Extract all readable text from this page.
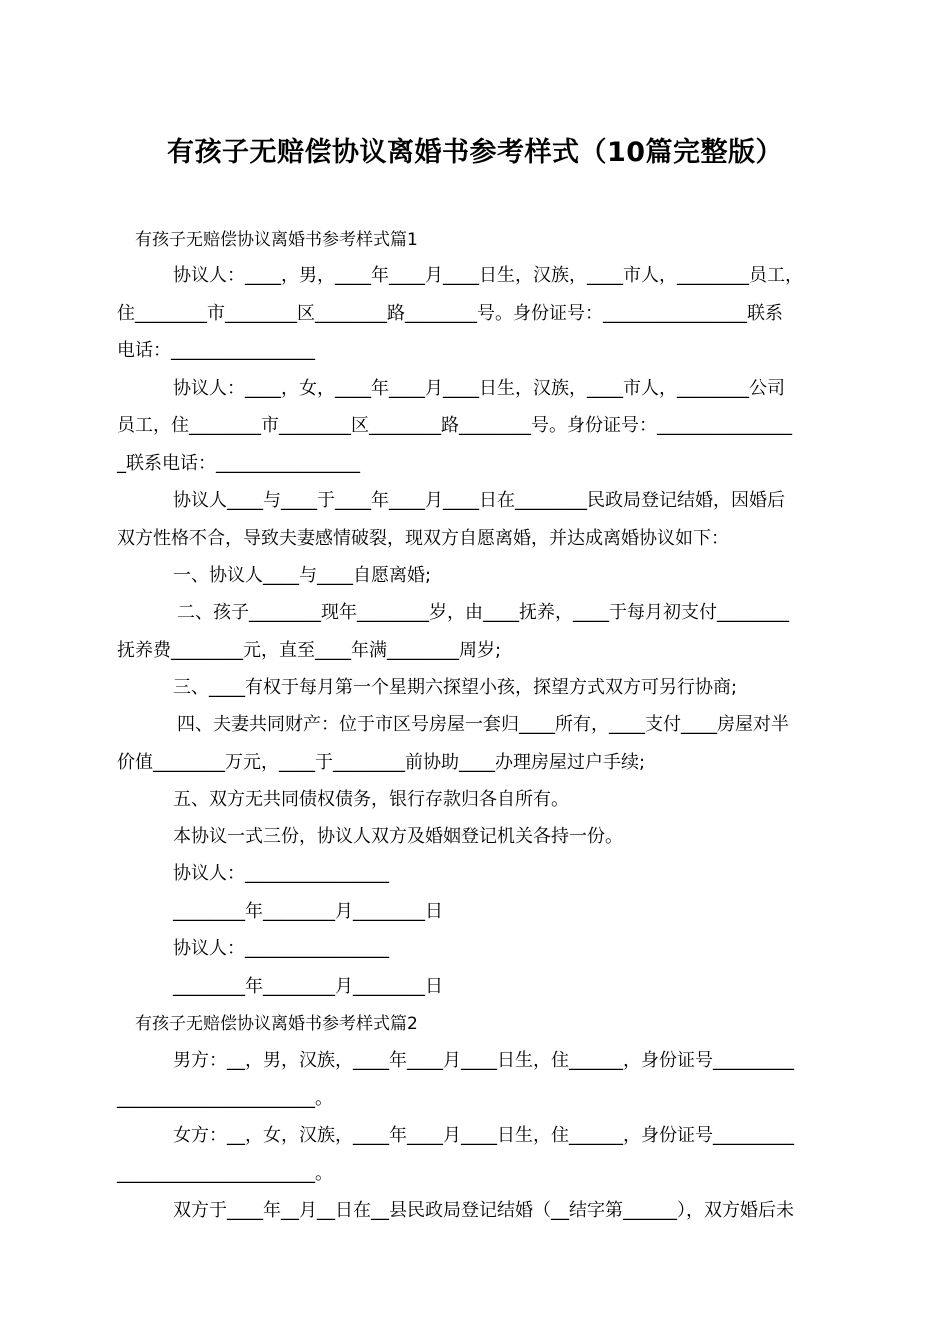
有孩子无赔偿协议离婚书参考样式（10篇完整版）
有孩子无赔偿协议离婚书参考样式篇1
协议人：____，男，____年____月____日生，汉族，____市人，________员工，
住________市________区________路________号。身份证号：________________联系
电话：________________
协议人：____，女，____年____月____日生，汉族，____市人，________公司
员工，住________市________区________路________号。身份证号：_______________
_联系电话：________________
协议人____与____于____年____月____日在________民政局登记结婚，因婚后
双方性格不合，导致夫妻感情破裂，现双方自愿离婚，并达成离婚协议如下：
一、协议人____与____自愿离婚;
二、孩子________现年________岁，由____抚养，____于每月初支付________
抚养费________元，直至____年满________周岁;
三、____有权于每月第一个星期六探望小孩，探望方式双方可另行协商;
四、夫妻共同财产：位于市区号房屋一套归____所有，____支付____房屋对半
价值________万元，____于________前协助____办理房屋过户手续;
五、双方无共同债权债务，银行存款归各自所有。
本协议一式三份，协议人双方及婚姻登记机关各持一份。
协议人：________________
________年________月________日
协议人：________________
________年________月________日
有孩子无赔偿协议离婚书参考样式篇2
男方：__，男，汉族，____年____月____日生，住______，身份证号_________
______________________。
女方：__，女，汉族，____年____月____日生，住______，身份证号_________
______________________。
双方于____年__月__日在__县民政局登记结婚（__结字第______），双方婚后未
